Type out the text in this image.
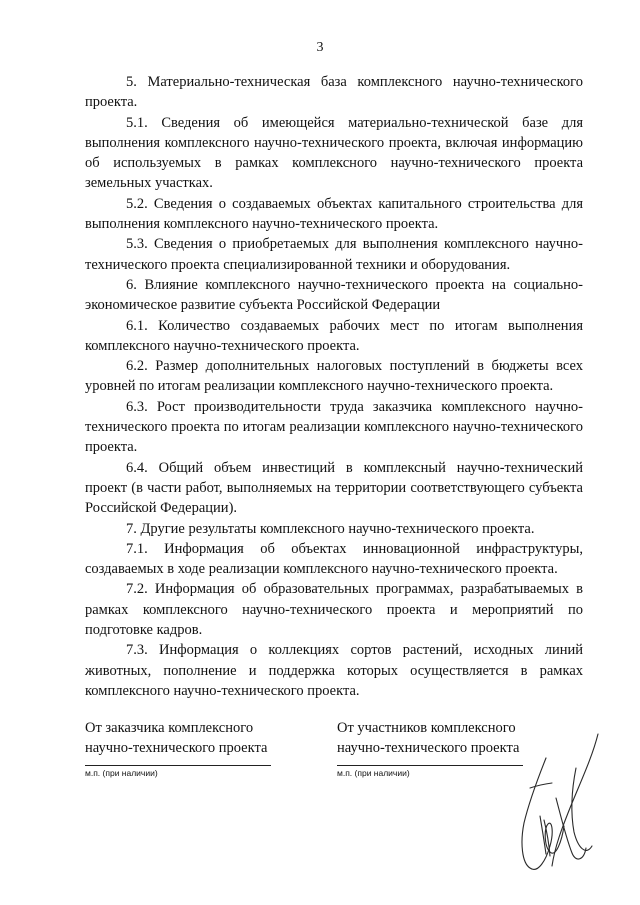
3

5. Материально-техническая база комплексного научно-технического проекта.

5.1. Сведения об имеющейся материально-технической базе для выполнения комплексного научно-технического проекта, включая информацию об используемых в рамках комплексного научно-технического проекта земельных участках.

5.2. Сведения о создаваемых объектах капитального строительства для выполнения комплексного научно-технического проекта.

5.3. Сведения о приобретаемых для выполнения комплексного научно-технического проекта специализированной техники и оборудования.

6. Влияние комплексного научно-технического проекта на социально-экономическое развитие субъекта Российской Федерации

6.1. Количество создаваемых рабочих мест по итогам выполнения комплексного научно-технического проекта.

6.2. Размер дополнительных налоговых поступлений в бюджеты всех уровней по итогам реализации комплексного научно-технического проекта.

6.3. Рост производительности труда заказчика комплексного научно-технического проекта по итогам реализации комплексного научно-технического проекта.

6.4. Общий объем инвестиций в комплексный научно-технический проект (в части работ, выполняемых на территории соответствующего субъекта Российской Федерации).

7. Другие результаты комплексного научно-технического проекта.

7.1. Информация об объектах инновационной инфраструктуры, создаваемых в ходе реализации комплексного научно-технического проекта.

7.2. Информация об образовательных программах, разрабатываемых в рамках комплексного научно-технического проекта и мероприятий по подготовке кадров.

7.3. Информация о коллекциях сортов растений, исходных линий животных, пополнение и поддержка которых осуществляется в рамках комплексного научно-технического проекта.

От заказчика комплексного
научно-технического проекта
м.п. (при наличии)
От участников комплексного
научно-технического проекта
м.п. (при наличии)
